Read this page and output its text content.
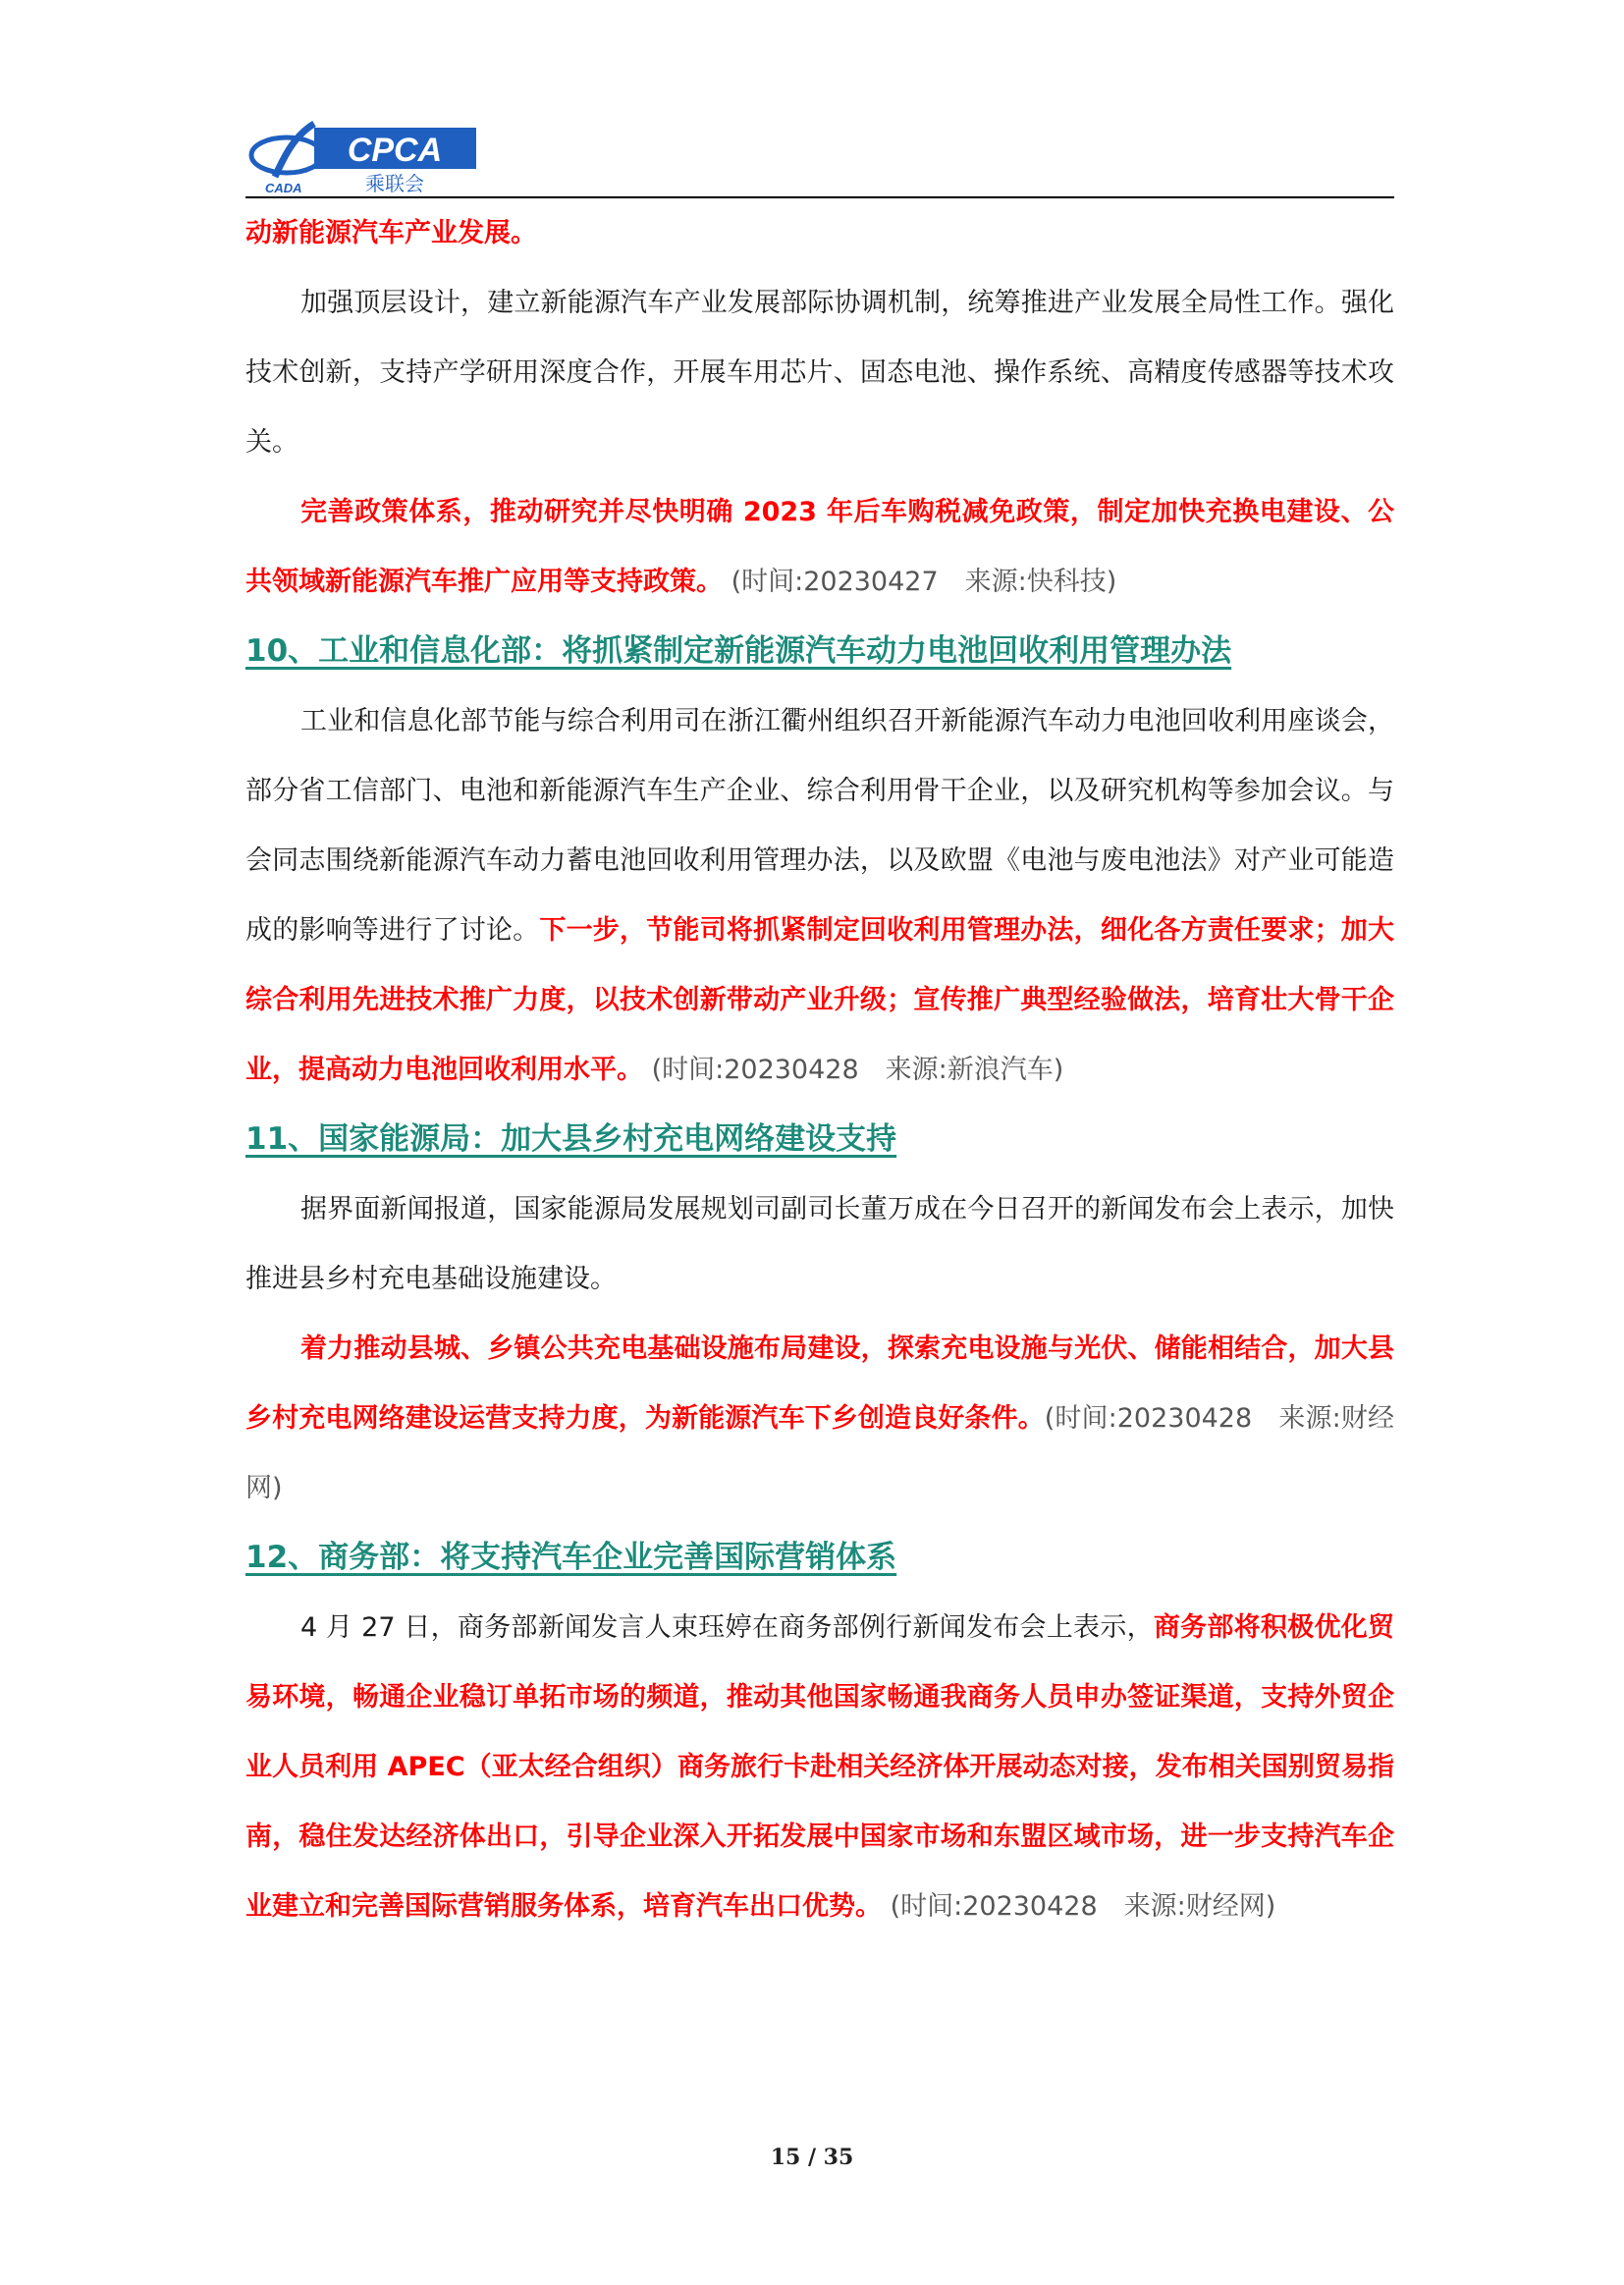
CPCA
乘联会
CADA

动新能源汽车产业发展。

加强顶层设计，建立新能源汽车产业发展部际协调机制，统筹推进产业发展全局性工作。强化技术创新，支持产学研用深度合作，开展车用芯片、固态电池、操作系统、高精度传感器等技术攻关。

完善政策体系，推动研究并尽快明确 2023 年后车购税减免政策，制定加快充换电建设、公共领域新能源汽车推广应用等支持政策。 (时间:20230427　来源:快科技)

10、工业和信息化部：将抓紧制定新能源汽车动力电池回收利用管理办法

工业和信息化部节能与综合利用司在浙江衢州组织召开新能源汽车动力电池回收利用座谈会，部分省工信部门、电池和新能源汽车生产企业、综合利用骨干企业，以及研究机构等参加会议。与会同志围绕新能源汽车动力蓄电池回收利用管理办法，以及欧盟《电池与废电池法》对产业可能造成的影响等进行了讨论。下一步，节能司将抓紧制定回收利用管理办法，细化各方责任要求；加大综合利用先进技术推广力度，以技术创新带动产业升级；宣传推广典型经验做法，培育壮大骨干企业，提高动力电池回收利用水平。 (时间:20230428　来源:新浪汽车)

11、国家能源局：加大县乡村充电网络建设支持

据界面新闻报道，国家能源局发展规划司副司长董万成在今日召开的新闻发布会上表示，加快推进县乡村充电基础设施建设。

着力推动县城、乡镇公共充电基础设施布局建设，探索充电设施与光伏、储能相结合，加大县乡村充电网络建设运营支持力度，为新能源汽车下乡创造良好条件。(时间:20230428　来源:财经网)

12、商务部：将支持汽车企业完善国际营销体系

4 月 27 日，商务部新闻发言人束珏婷在商务部例行新闻发布会上表示，商务部将积极优化贸易环境，畅通企业稳订单拓市场的频道，推动其他国家畅通我商务人员申办签证渠道，支持外贸企业人员利用 APEC（亚太经合组织）商务旅行卡赴相关经济体开展动态对接，发布相关国别贸易指南，稳住发达经济体出口，引导企业深入开拓发展中国家市场和东盟区域市场，进一步支持汽车企业建立和完善国际营销服务体系，培育汽车出口优势。 (时间:20230428　来源:财经网)

15 / 35
